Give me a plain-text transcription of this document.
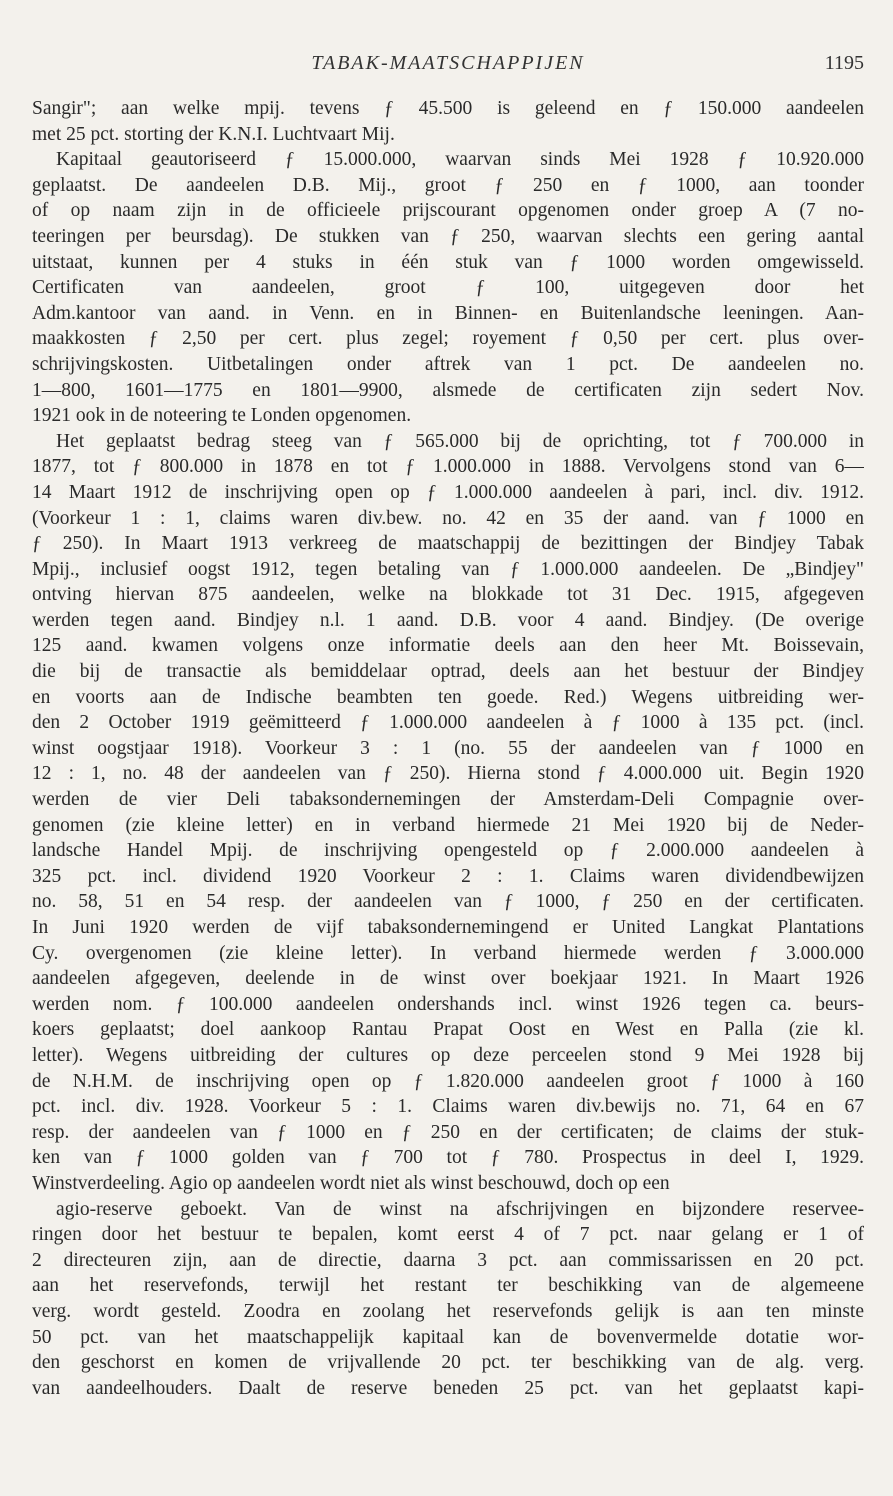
TABAK-MAATSCHAPPIJEN	1195
Sangir"; aan welke mpij. tevens ƒ 45.500 is geleend en ƒ 150.000 aandeelen
met 25 pct. storting der K.N.I. Luchtvaart Mij.
Kapitaal geautoriseerd ƒ 15.000.000, waarvan sinds Mei 1928 ƒ 10.920.000
geplaatst. De aandeelen D.B. Mij., groot ƒ 250 en ƒ 1000, aan toonder
of op naam zijn in de officieele prijscourant opgenomen onder groep A (7 no-
teeringen per beursdag). De stukken van ƒ 250, waarvan slechts een gering aantal
uitstaat, kunnen per 4 stuks in één stuk van ƒ 1000 worden omgewisseld.
Certificaten van aandeelen, groot ƒ 100, uitgegeven door het
Adm.kantoor van aand. in Venn. en in Binnen- en Buitenlandsche leeningen. Aan-
maakkosten ƒ 2,50 per cert. plus zegel; royement ƒ 0,50 per cert. plus over-
schrijvingskosten. Uitbetalingen onder aftrek van 1 pct. De aandeelen no.
1—800, 1601—1775 en 1801—9900, alsmede de certificaten zijn sedert Nov.
1921 ook in de noteering te Londen opgenomen.
Het geplaatst bedrag steeg van ƒ 565.000 bij de oprichting, tot ƒ 700.000 in
1877, tot ƒ 800.000 in 1878 en tot ƒ 1.000.000 in 1888. Vervolgens stond van 6—
14 Maart 1912 de inschrijving open op ƒ 1.000.000 aandeelen à pari, incl. div. 1912.
(Voorkeur 1 : 1, claims waren div.bew. no. 42 en 35 der aand. van ƒ 1000 en
ƒ 250). In Maart 1913 verkreeg de maatschappij de bezittingen der Bindjey Tabak
Mpij., inclusief oogst 1912, tegen betaling van ƒ 1.000.000 aandeelen. De „Bindjey"
ontving hiervan 875 aandeelen, welke na blokkade tot 31 Dec. 1915, afgegeven
werden tegen aand. Bindjey n.l. 1 aand. D.B. voor 4 aand. Bindjey. (De overige
125 aand. kwamen volgens onze informatie deels aan den heer Mt. Boissevain,
die bij de transactie als bemiddelaar optrad, deels aan het bestuur der Bindjey
en voorts aan de Indische beambten ten goede. Red.) Wegens uitbreiding wer-
den 2 October 1919 geëmitteerd ƒ 1.000.000 aandeelen à ƒ 1000 à 135 pct. (incl.
winst oogstjaar 1918). Voorkeur 3 : 1 (no. 55 der aandeelen van ƒ 1000 en
12 : 1, no. 48 der aandeelen van ƒ 250). Hierna stond ƒ 4.000.000 uit. Begin 1920
werden de vier Deli tabaksondernemingen der Amsterdam-Deli Compagnie over-
genomen (zie kleine letter) en in verband hiermede 21 Mei 1920 bij de Neder-
landsche Handel Mpij. de inschrijving opengesteld op ƒ 2.000.000 aandeelen à
325 pct. incl. dividend 1920 Voorkeur 2 : 1. Claims waren dividendbewijzen
no. 58, 51 en 54 resp. der aandeelen van ƒ 1000, ƒ 250 en der certificaten.
In Juni 1920 werden de vijf tabaksondernemingend er United Langkat Plantations
Cy. overgenomen (zie kleine letter). In verband hiermede werden ƒ 3.000.000
aandeelen afgegeven, deelende in de winst over boekjaar 1921. In Maart 1926
werden nom. ƒ 100.000 aandeelen ondershands incl. winst 1926 tegen ca. beurs-
koers geplaatst; doel aankoop Rantau Prapat Oost en West en Palla (zie kl.
letter). Wegens uitbreiding der cultures op deze perceelen stond 9 Mei 1928 bij
de N.H.M. de inschrijving open op ƒ 1.820.000 aandeelen groot ƒ 1000 à 160
pct. incl. div. 1928. Voorkeur 5 : 1. Claims waren div.bewijs no. 71, 64 en 67
resp. der aandeelen van ƒ 1000 en ƒ 250 en der certificaten; de claims der stuk-
ken van ƒ 1000 golden van ƒ 700 tot ƒ 780. Prospectus in deel I, 1929.
Winstverdeeling. Agio op aandeelen wordt niet als winst beschouwd, doch op een
agio-reserve geboekt. Van de winst na afschrijvingen en bijzondere reservee-
ringen door het bestuur te bepalen, komt eerst 4 of 7 pct. naar gelang er 1 of
2 directeuren zijn, aan de directie, daarna 3 pct. aan commissarissen en 20 pct.
aan het reservefonds, terwijl het restant ter beschikking van de algemeene
verg. wordt gesteld. Zoodra en zoolang het reservefonds gelijk is aan ten minste
50 pct. van het maatschappelijk kapitaal kan de bovenvermelde dotatie wor-
den geschorst en komen de vrijvallende 20 pct. ter beschikking van de alg. verg.
van aandeelhouders. Daalt de reserve beneden 25 pct. van het geplaatst kapi-
